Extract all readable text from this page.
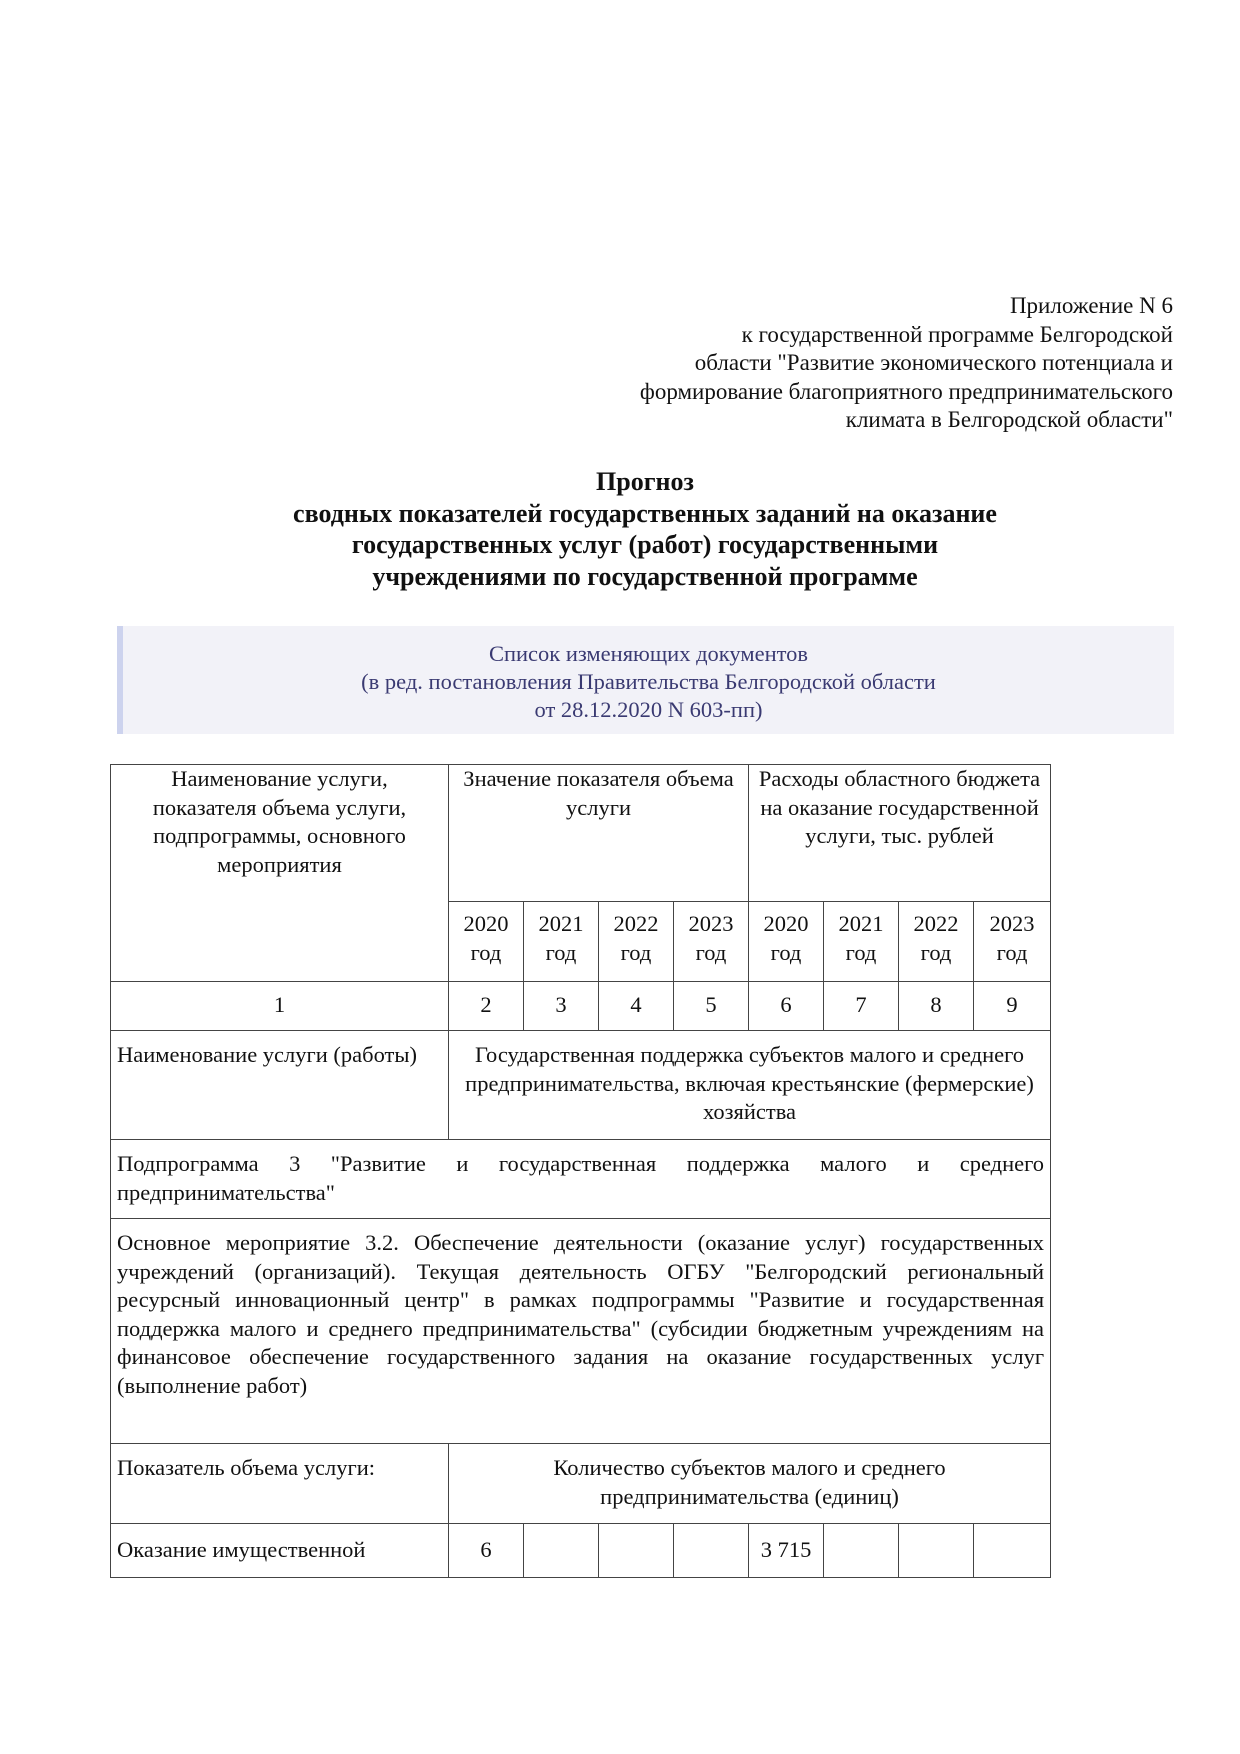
Приложение N 6
к государственной программе Белгородской
области "Развитие экономического потенциала и
формирование благоприятного предпринимательского
климата в Белгородской области"
Прогноз
сводных показателей государственных заданий на оказание
государственных услуг (работ) государственными
учреждениями по государственной программе
Список изменяющих документов
(в ред. постановления Правительства Белгородской области
от 28.12.2020 N 603-пп)
Наименование услуги, показателя объема услуги, подпрограммы, основного мероприятия	Значение показателя объема услуги				Расходы областного бюджета на оказание государственной услуги, тыс. рублей			
	2020 год	2021 год	2022 год	2023 год	2020 год	2021 год	2022 год	2023 год
1	2	3	4	5	6	7	8	9
Наименование услуги (работы)	Государственная поддержка субъектов малого и среднего предпринимательства, включая крестьянские (фермерские) хозяйства							
Подпрограмма 3 "Развитие и государственная поддержка малого и среднего предпринимательства"								
Основное мероприятие 3.2. Обеспечение деятельности (оказание услуг) государственных учреждений (организаций). Текущая деятельность ОГБУ "Белгородский региональный ресурсный инновационный центр" в рамках подпрограммы "Развитие и государственная поддержка малого и среднего предпринимательства" (субсидии бюджетным учреждениям на финансовое обеспечение государственного задания на оказание государственных услуг (выполнение работ)								
Показатель объема услуги:	Количество субъектов малого и среднего предпринимательства (единиц)							
Оказание имущественной	6				3 715			
